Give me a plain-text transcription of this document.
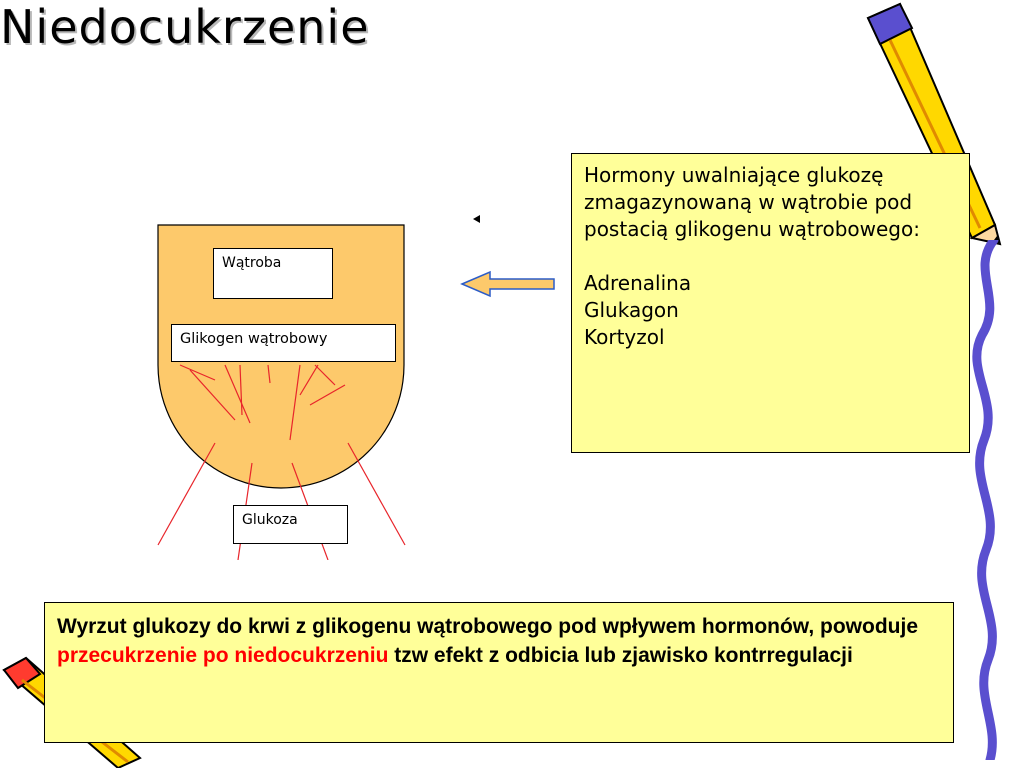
Niedocukrzenie
Wątroba
Glikogen wątrobowy
Glukoza

Hormony uwalniające glukozę zmagazynowaną w wątrobie pod postacią glikogenu wątrobowego:

Adrenalina

Glukagon

Kortyzol

Wyrzut glukozy do krwi z glikogenu wątrobowego pod wpływem hormonów, powoduje przecukrzenie po niedocukrzeniu tzw efekt z odbicia lub zjawisko kontrregulacji
